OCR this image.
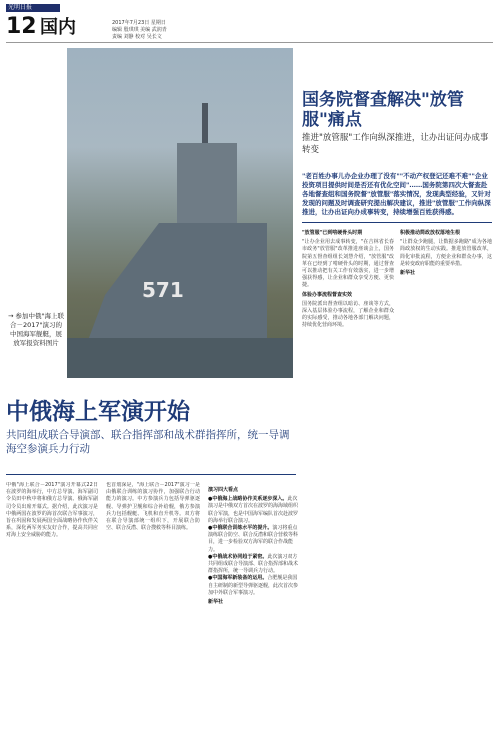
光明日报
12 国内	2017年7月23日 星期日
编辑 殷琪琪 美编 武润青
责编 刘静 校对 吴长文
571
→ 参加中俄"海上联合－2017"演习的中国海军舰艇，展放军报资料图片
国务院督查解决"放管服"痛点
推进"放管服"工作向纵深推进，让办出证问办成事转变
"老百姓办事儿办企业办理了没有""不动产权登记还难不难""企业投资项目提供时间是否还有优化空间"……国务院第四次大督查赴各地督查组和国务院督"放管服"落实情况，发现典型经验，又针对发现的问题及时调查研究提出解决建议，推进"放管服"工作向纵深推进，让办出证向办成事转变，持续增强百姓获得感。
"放管服"已到啃硬骨头时期
"让办企业用去成事转变，"在吉林省长春市政务"放管服"改革推进座谈会上，国务院第五督查组组长刘慧介绍，"放管服"改革在已经到了啃硬骨头的时期，通过督查可以推动把有关工作有效落实，进一步增强获得感，让企业和群众享受方便、更快捷。
体验办事流程督查实效
国务院派出督查组以暗访、座谈等方式，深入基层体验办事流程，了解企业和群众的实际感受，推动各地各部门解决问题，持续优化营商环境。
积极推动简政放权落地生根
"让群众少跑腿，让数据多跑路"成为各地简政放权的生动实践。推进放管服改革，简化审批流程，方便企业和群众办事，这是转变政府职能的重要举措。
新华社
中俄海上军演开始
共同组成联合导演部、联合指挥部和战术群指挥所，统一导调海空参演兵力行动
中俄"海上联合－2017"演习开幕式22日在波罗的海举行，中方总导演、海军副司令员田中秋中将和俄方总导演、俄海军副司令员出席开幕式。据介绍，此次演习是中俄两国在波罗的海首次联合军事演习，旨在巩固和发展两国全面战略协作伙伴关系，深化两军务实友好合作，提高共同应对海上安全威胁的能力。
也首划深是，"海上联合－2017"演习一是由俄联合训练的演习协作，加强联合行动能力的演习。中方参演兵力包括导弹驱逐舰、导弹护卫舰和综合补给舰，俄方参演兵力包括舰艇、飞机和直升机等。双方将在联合导演部统一组织下，开展联合防空、联合反潜、联合搜救等科目演练。
演习四大看点
●中俄海上战略协作关系逐步深入。此次演习是中俄双方首次在波罗的海海域组织联合军演，也是中国海军编队首次赴波罗的海举行联合演习。
●中俄联合训练水平的提升。演习将重点演练联合防空、联合反潜和联合营救等科目，进一步检验双方海军的联合作战能力。
●中俄战术协同趋于紧密。此次演习双方共同组成联合导演部、联合指挥部和战术群指挥所，统一导调兵力行动。
●中国海军新装备的运用。合肥舰是我国自主研制的新型导弹驱逐舰，此次首次参加中外联合军事演习。
新华社
